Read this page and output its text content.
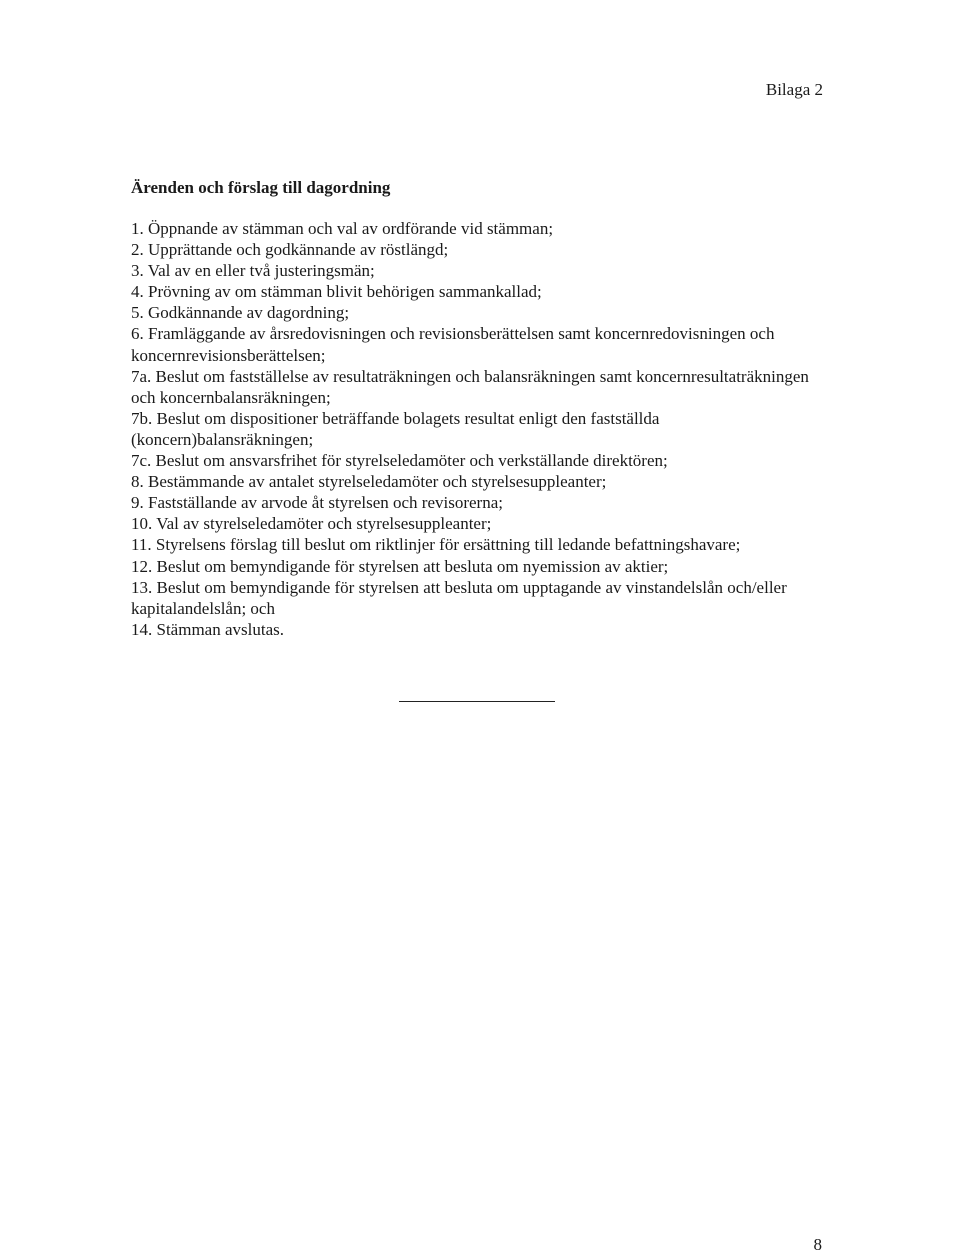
Bilaga 2
Ärenden och förslag till dagordning
1. Öppnande av stämman och val av ordförande vid stämman;
2. Upprättande och godkännande av röstlängd;
3. Val av en eller två justeringsmän;
4. Prövning av om stämman blivit behörigen sammankallad;
5. Godkännande av dagordning;
6. Framläggande av årsredovisningen och revisionsberättelsen samt koncernredovisningen och koncernrevisionsberättelsen;
7a. Beslut om fastställelse av resultaträkningen och balansräkningen samt koncernresultaträkningen och koncernbalansräkningen;
7b. Beslut om dispositioner beträffande bolagets resultat enligt den fastställda (koncern)balansräkningen;
7c. Beslut om ansvarsfrihet för styrelseledamöter och verkställande direktören;
8. Bestämmande av antalet styrelseledamöter och styrelsesuppleanter;
9. Fastställande av arvode åt styrelsen och revisorerna;
10. Val av styrelseledamöter och styrelsesuppleanter;
11. Styrelsens förslag till beslut om riktlinjer för ersättning till ledande befattningshavare;
12. Beslut om bemyndigande för styrelsen att besluta om nyemission av aktier;
13. Beslut om bemyndigande för styrelsen att besluta om upptagande av vinstandelslån och/eller kapitalandelslån; och
14. Stämman avslutas.
8
